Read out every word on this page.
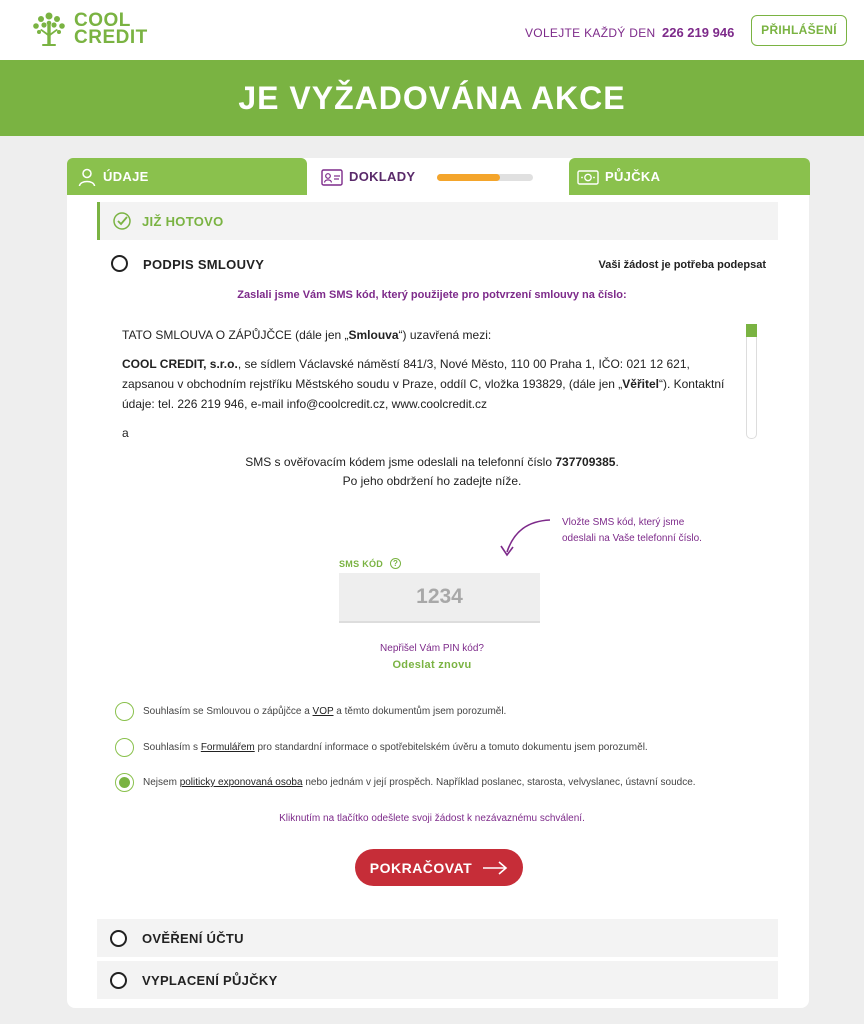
COOL
CREDIT	VOLEJTE KAŽDÝ DEN 226 219 946	PŘIHLÁŠENÍ
JE VYŽADOVÁNA AKCE
ÚDAJE	DOKLADY	PŮJČKA
JIŽ HOTOVO
PODPIS SMLOUVY	Vaši žádost je potřeba podepsat
Zaslali jsme Vám SMS kód, který použijete pro potvrzení smlouvy na číslo:

TATO SMLOUVA O ZÁPŮJČCE (dále jen „Smlouva“) uzavřená mezi:

COOL CREDIT, s.r.o., se sídlem Václavské náměstí 841/3, Nové Město, 110 00 Praha 1, IČO: 021 12 621, zapsanou v obchodním rejstříku Městského soudu v Praze, oddíl C, vložka 193829, (dále jen „Věřitel“). Kontaktní údaje: tel. 226 219 946, e-mail info@coolcredit.cz, www.coolcredit.cz

a

SMS s ověřovacím kódem jsme odeslali na telefonní číslo 737709385.
Po jeho obdržení ho zadejte níže.
Vložte SMS kód, který jsme
odeslali na Vaše telefonní číslo.
SMS KÓD	?
1234
Nepřišel Vám PIN kód?
Odeslat znovu
Souhlasím se Smlouvou o zápůjčce a VOP a těmto dokumentům jsem porozuměl.
Souhlasím s Formulářem pro standardní informace o spotřebitelském úvěru a tomuto dokumentu jsem porozuměl.
Nejsem politicky exponovaná osoba nebo jednám v její prospěch. Například poslanec, starosta, velvyslanec, ústavní soudce.
Kliknutím na tlačítko odešlete svoji žádost k nezávaznému schválení.
POKRAČOVAT
OVĚŘENÍ ÚČTU
VYPLACENÍ PŮJČKY
